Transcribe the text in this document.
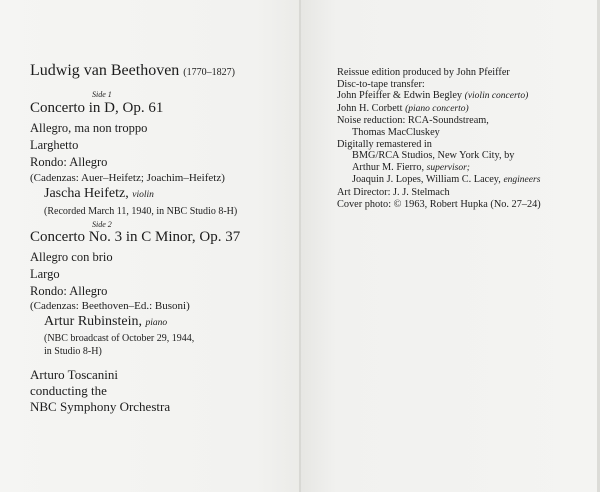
Ludwig van Beethoven (1770–1827)
Side 1
Concerto in D, Op. 61
Allegro, ma non troppo
Larghetto
Rondo: Allegro
(Cadenzas: Auer–Heifetz; Joachim–Heifetz)
Jascha Heifetz, violin
(Recorded March 11, 1940, in NBC Studio 8-H)
Side 2
Concerto No. 3 in C Minor, Op. 37
Allegro con brio
Largo
Rondo: Allegro
(Cadenzas: Beethoven–Ed.: Busoni)
Artur Rubinstein, piano
(NBC broadcast of October 29, 1944,
in Studio 8-H)
Arturo Toscanini
conducting the
NBC Symphony Orchestra
Reissue edition produced by John Pfeiffer
Disc-to-tape transfer:
John Pfeiffer & Edwin Begley (violin concerto)
John H. Corbett (piano concerto)
Noise reduction: RCA-Soundstream,
Thomas MacCluskey
Digitally remastered in
BMG/RCA Studios, New York City, by
Arthur M. Fierro, supervisor;
Joaquin J. Lopes, William C. Lacey, engineers
Art Director: J. J. Stelmach
Cover photo: © 1963, Robert Hupka (No. 27–24)
